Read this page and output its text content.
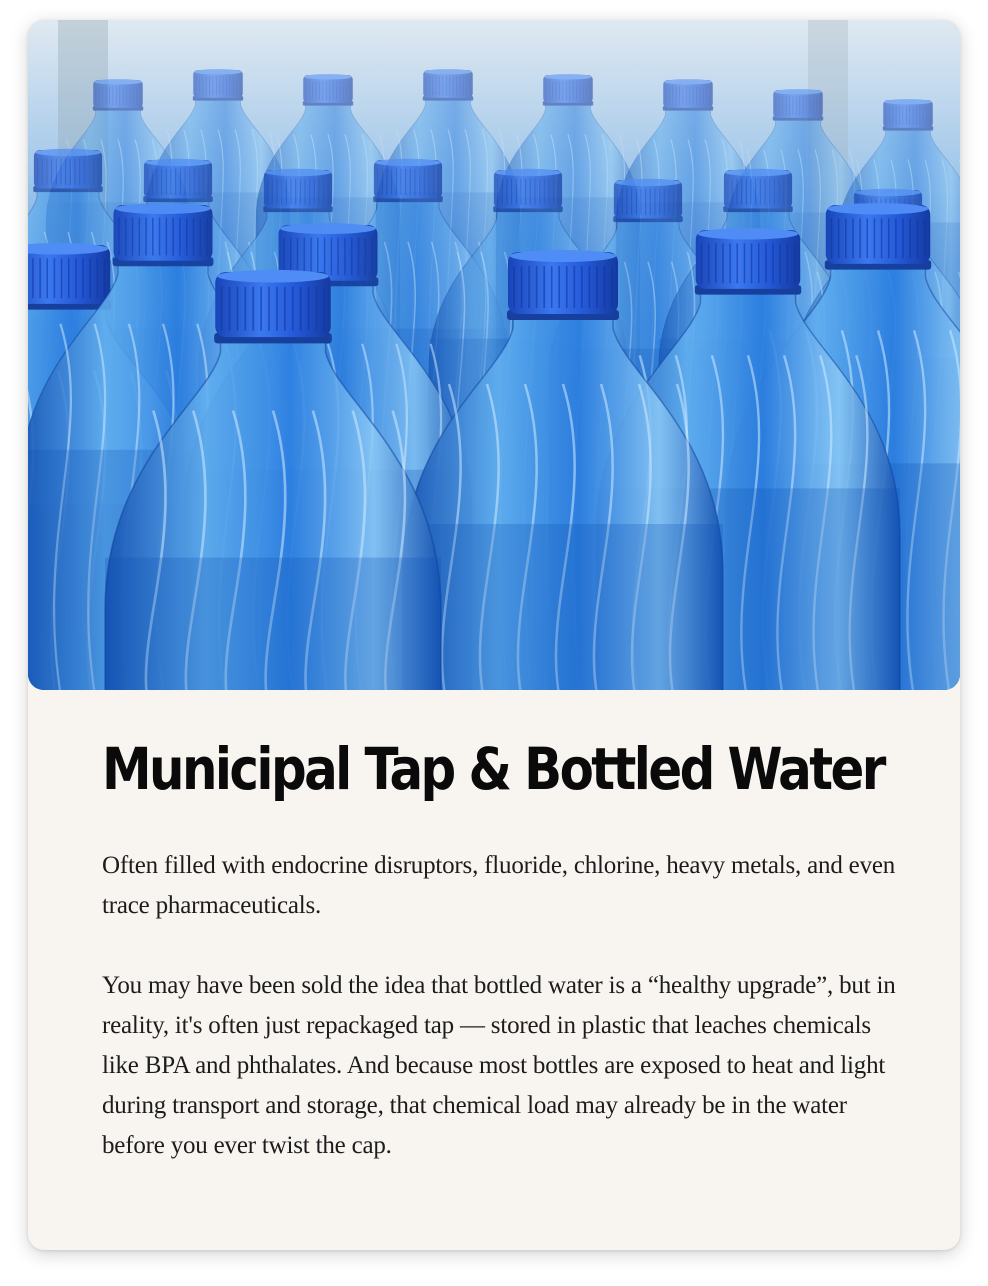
Municipal Tap & Bottled Water

Often filled with endocrine disruptors, fluoride, chlorine, heavy metals, and even trace pharmaceuticals.

You may have been sold the idea that bottled water is a “healthy upgrade”, but in reality, it's often just repackaged tap — stored in plastic that leaches chemicals like BPA and phthalates. And because most bottles are exposed to heat and light during transport and storage, that chemical load may already be in the water before you ever twist the cap.
